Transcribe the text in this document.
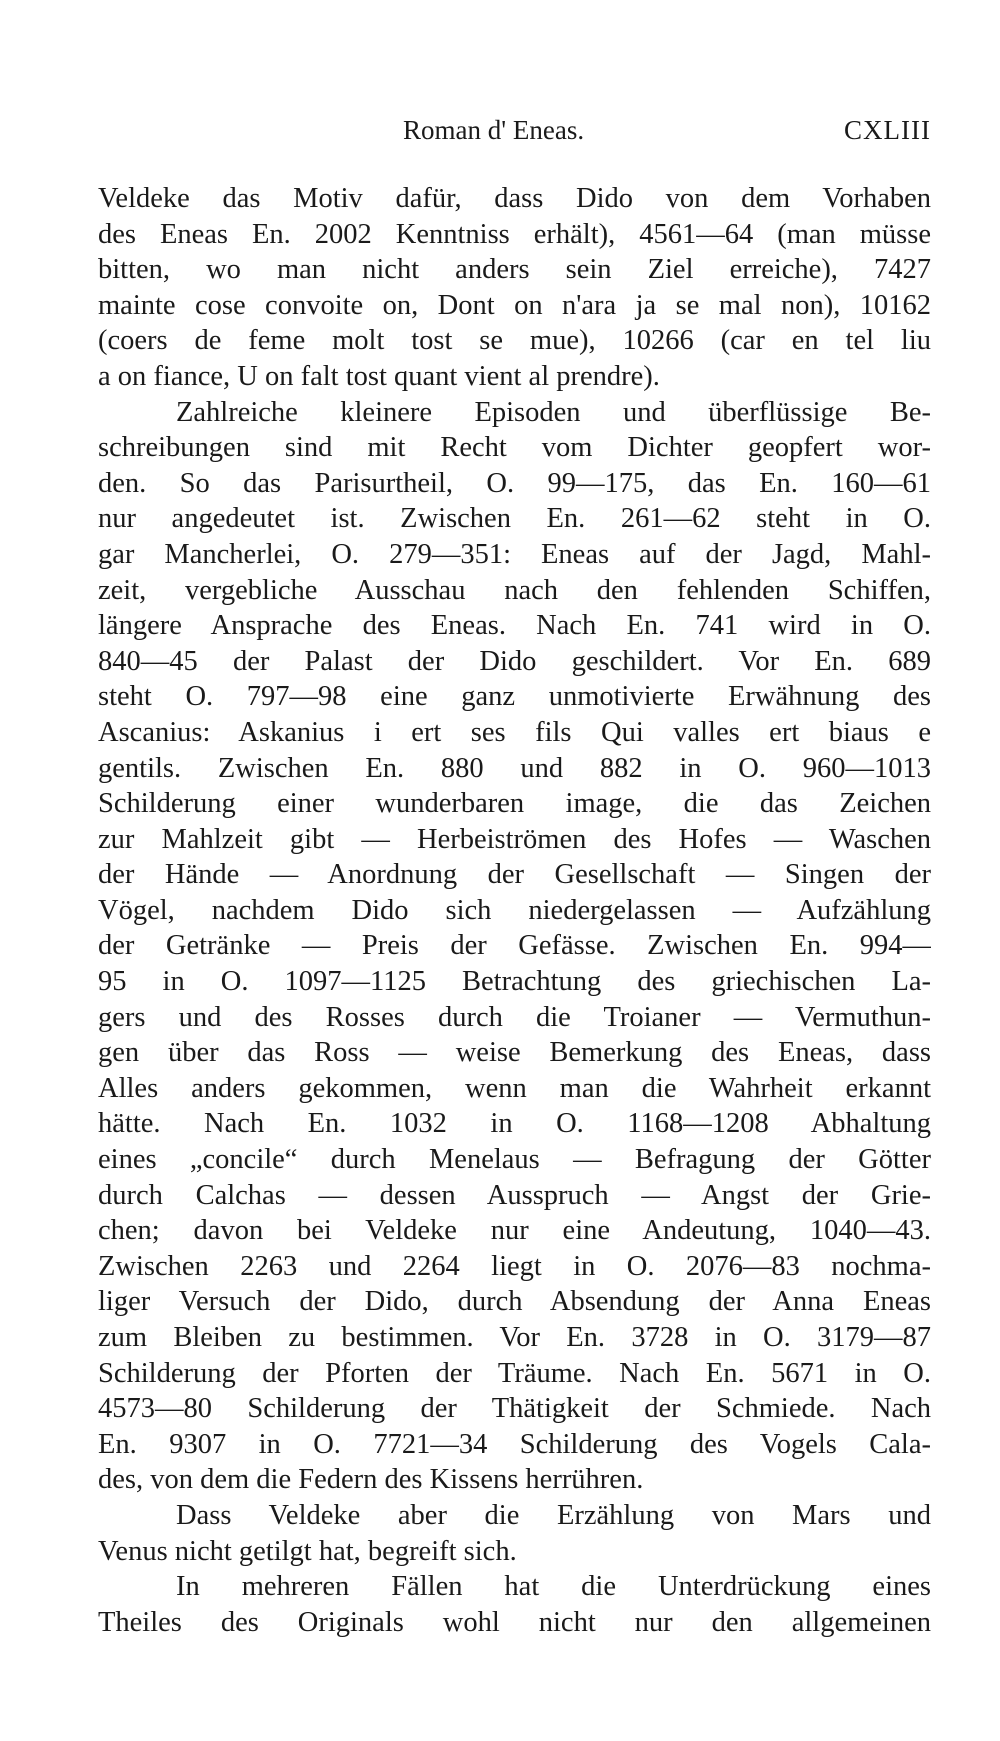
Roman d' Eneas.	CXLIII
Veldeke das Motiv dafür, dass Dido von dem Vorhaben
des Eneas En. 2002 Kenntniss erhält), 4561—64 (man müsse
bitten, wo man nicht anders sein Ziel erreiche), 7427
mainte cose convoite on, Dont on n'ara ja se mal non), 10162
(coers de feme molt tost se mue), 10266 (car en tel liu
a on fiance, U on falt tost quant vient al prendre).
Zahlreiche kleinere Episoden und überflüssige Be-
schreibungen sind mit Recht vom Dichter geopfert wor-
den. So das Parisurtheil, O. 99—175, das En. 160—61
nur angedeutet ist. Zwischen En. 261—62 steht in O.
gar Mancherlei, O. 279—351: Eneas auf der Jagd, Mahl-
zeit, vergebliche Ausschau nach den fehlenden Schiffen,
längere Ansprache des Eneas. Nach En. 741 wird in O.
840—45 der Palast der Dido geschildert. Vor En. 689
steht O. 797—98 eine ganz unmotivierte Erwähnung des
Ascanius: Askanius i ert ses fils Qui valles ert biaus e
gentils. Zwischen En. 880 und 882 in O. 960—1013
Schilderung einer wunderbaren image, die das Zeichen
zur Mahlzeit gibt — Herbeiströmen des Hofes — Waschen
der Hände — Anordnung der Gesellschaft — Singen der
Vögel, nachdem Dido sich niedergelassen — Aufzählung
der Getränke — Preis der Gefässe. Zwischen En. 994—
95 in O. 1097—1125 Betrachtung des griechischen La-
gers und des Rosses durch die Troianer — Vermuthun-
gen über das Ross — weise Bemerkung des Eneas, dass
Alles anders gekommen, wenn man die Wahrheit erkannt
hätte. Nach En. 1032 in O. 1168—1208 Abhaltung
eines „concile“ durch Menelaus — Befragung der Götter
durch Calchas — dessen Ausspruch — Angst der Grie-
chen; davon bei Veldeke nur eine Andeutung, 1040—43.
Zwischen 2263 und 2264 liegt in O. 2076—83 nochma-
liger Versuch der Dido, durch Absendung der Anna Eneas
zum Bleiben zu bestimmen. Vor En. 3728 in O. 3179—87
Schilderung der Pforten der Träume. Nach En. 5671 in O.
4573—80 Schilderung der Thätigkeit der Schmiede. Nach
En. 9307 in O. 7721—34 Schilderung des Vogels Cala-
des, von dem die Federn des Kissens herrühren.
Dass Veldeke aber die Erzählung von Mars und
Venus nicht getilgt hat, begreift sich.
In mehreren Fällen hat die Unterdrückung eines
Theiles des Originals wohl nicht nur den allgemeinen
